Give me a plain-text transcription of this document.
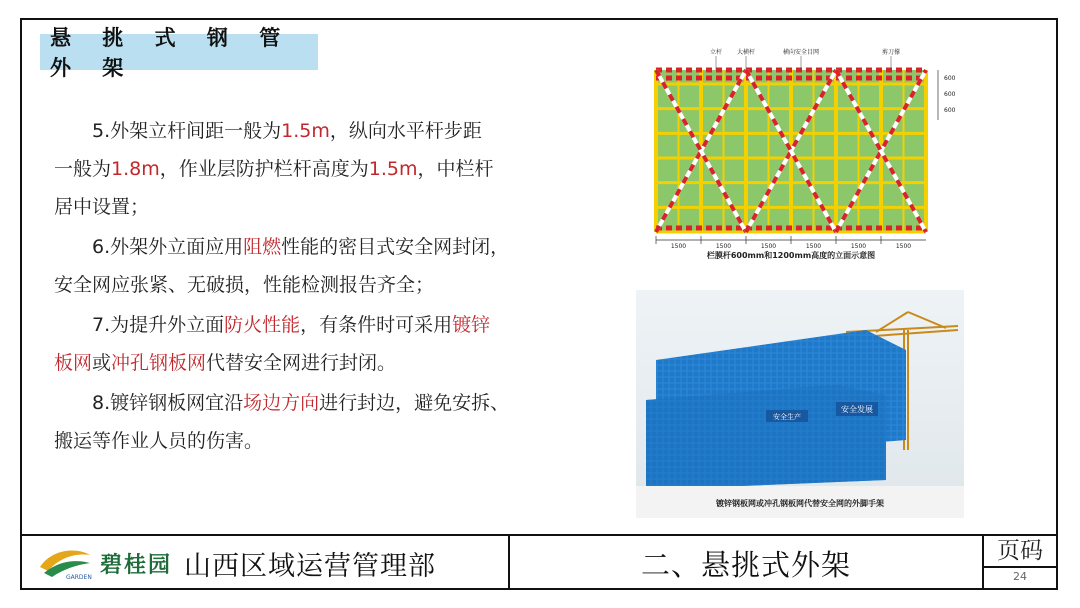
悬 挑 式 钢 管 外 架

5.外架立杆间距一般为1.5m，纵向水平杆步距
一般为1.8m，作业层防护栏杆高度为1.5m，中栏杆
居中设置；

6.外架外立面应用阻燃性能的密目式安全网封闭，
安全网应张紧、无破损，性能检测报告齐全；

7.为提升外立面防火性能，有条件时可采用镀锌
板网或冲孔钢板网代替安全网进行封闭。

8.镀锌钢板网宜沿场边方向进行封边，避免安拆、
搬运等作业人员的伤害。

立杆 大横杆	横向安全目网	剪刀撑
600
600
600
1500	1500	1500	1500	1500	1500
栏膜杆600mm和1200mm高度的立面示意图
安全生产
安全发展
镀锌钢板网或冲孔钢板网代替安全网的外脚手架
GARDEN 碧桂园 山西区域运营管理部	二、悬挑式外架	页码
24
